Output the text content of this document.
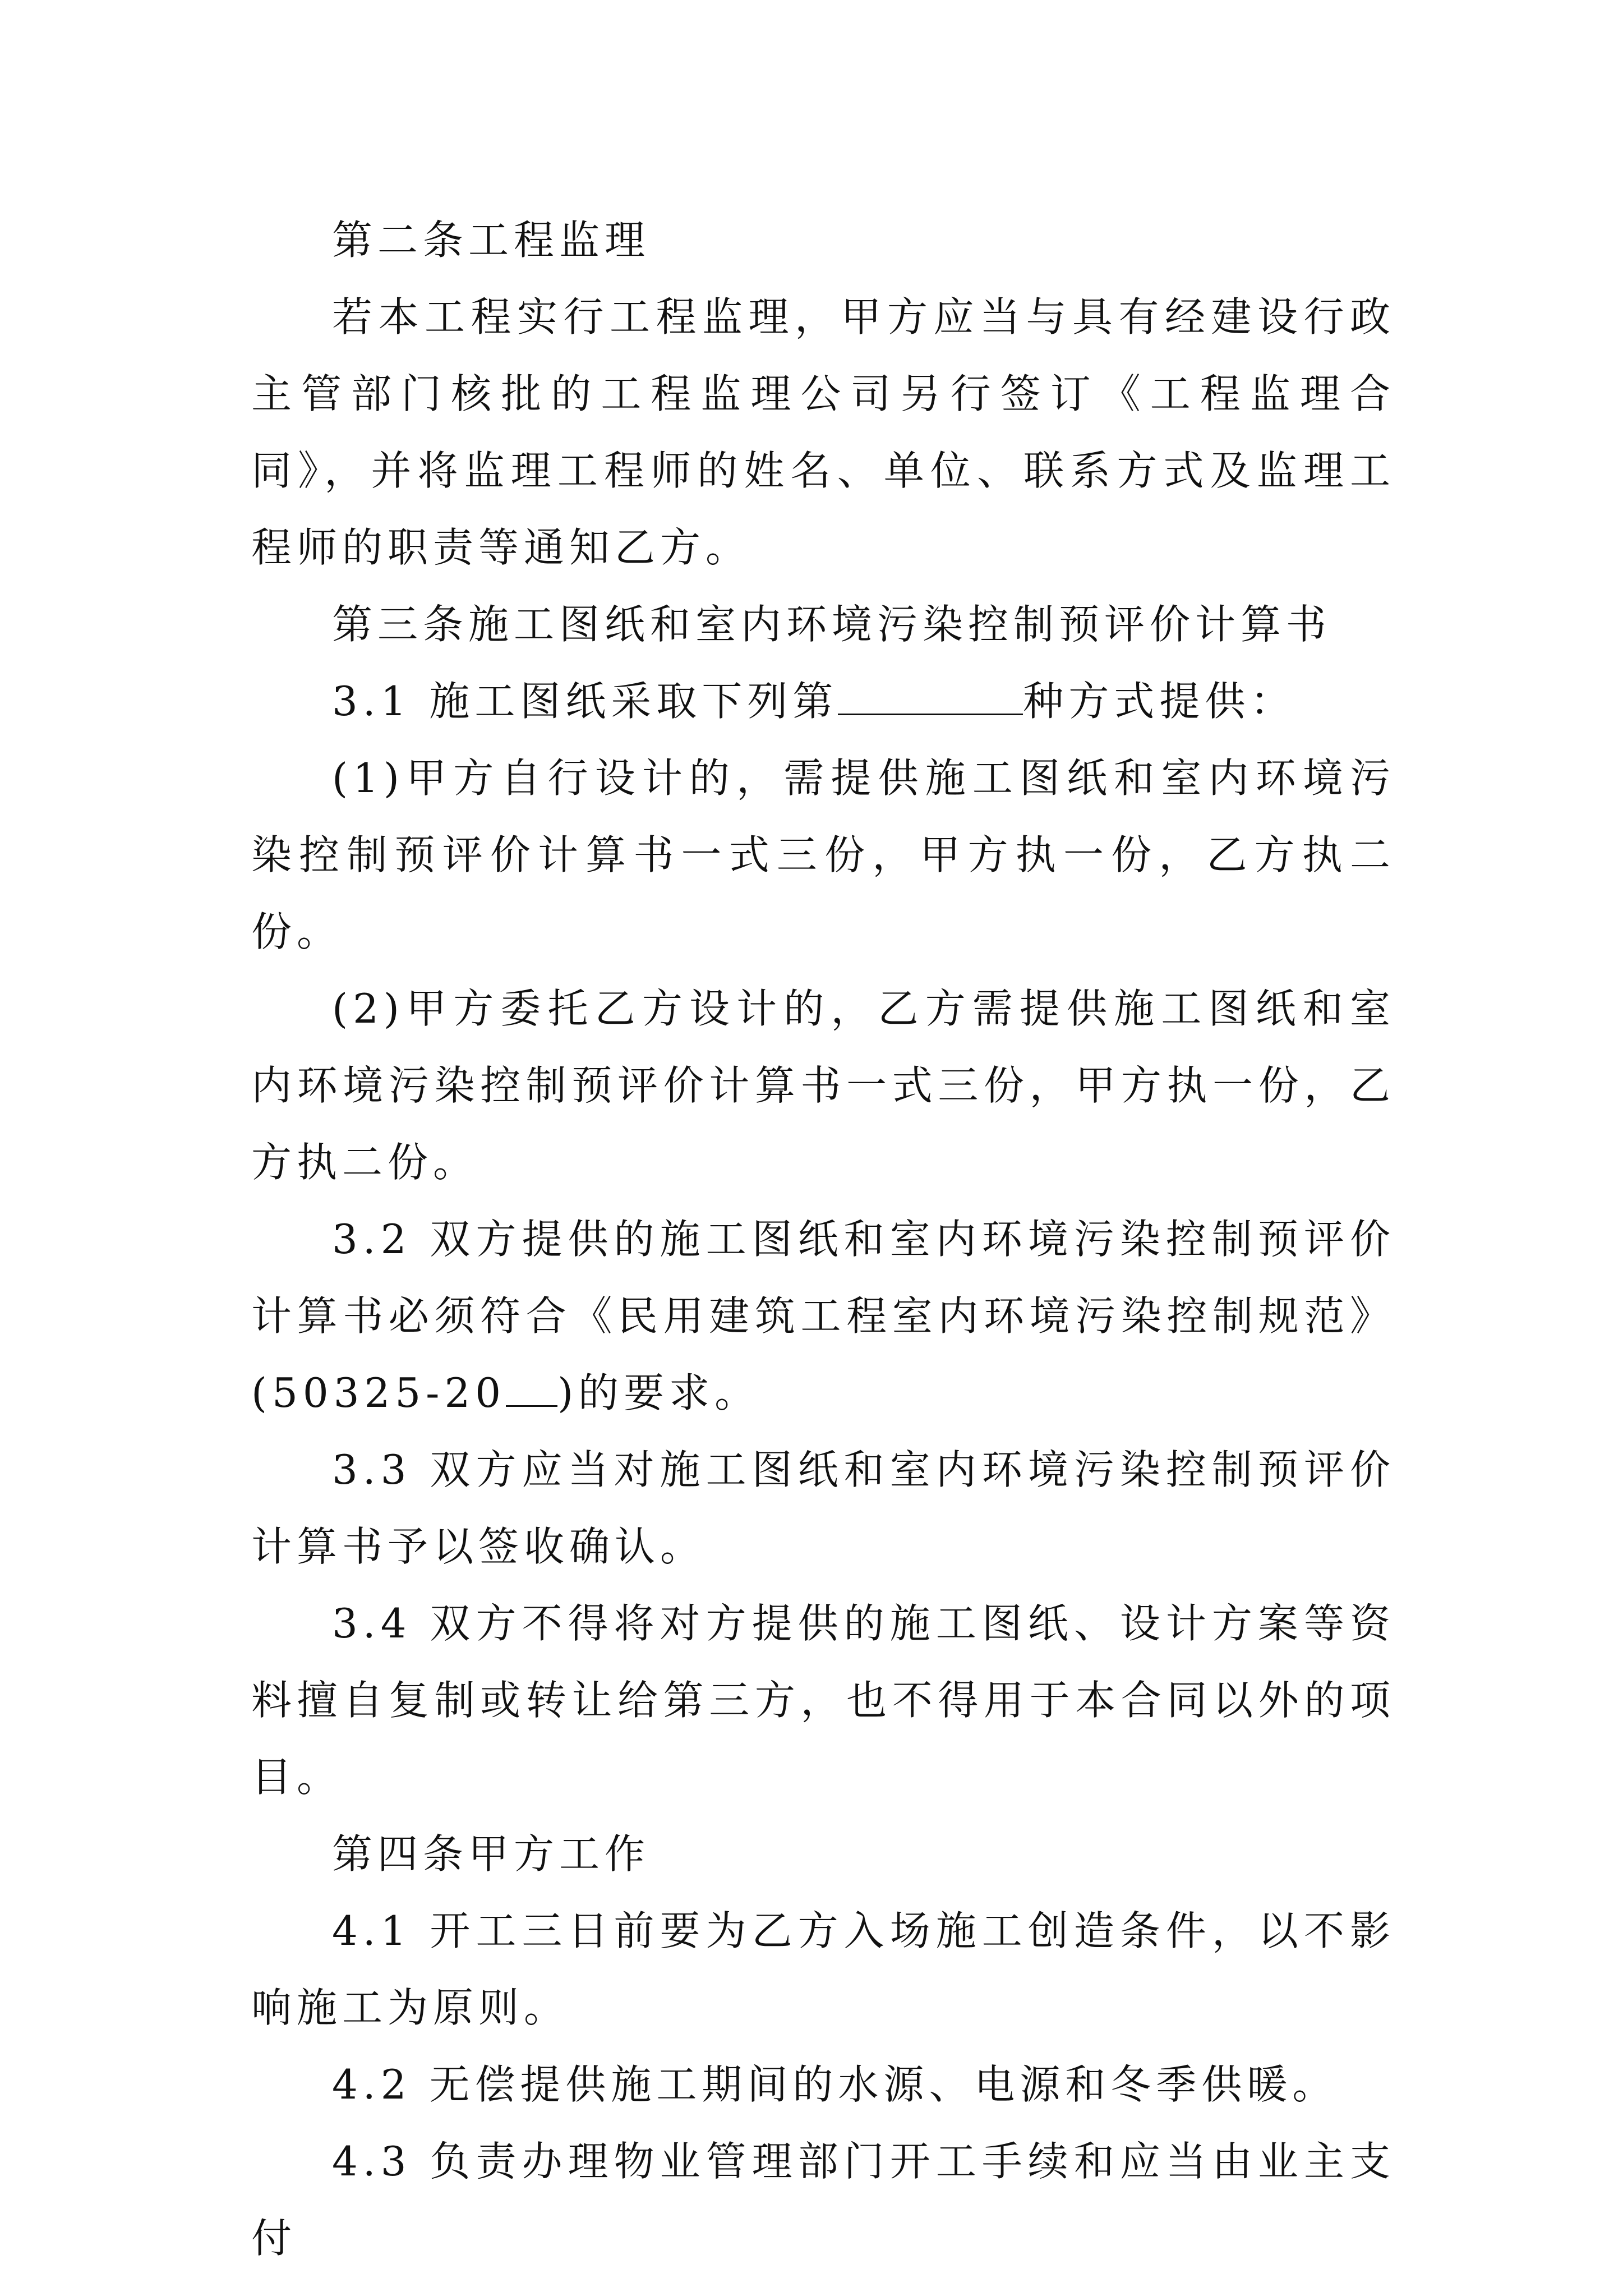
第二条工程监理

若本工程实行工程监理，甲方应当与具有经建设行政主管部门核批的工程监理公司另行签订《工程监理合同》，并将监理工程师的姓名、单位、联系方式及监理工程师的职责等通知乙方。

第三条施工图纸和室内环境污染控制预评价计算书

3.1 施工图纸采取下列第	种方式提供：

(1)甲方自行设计的，需提供施工图纸和室内环境污染控制预评价计算书一式三份，甲方执一份，乙方执二份。

(2)甲方委托乙方设计的，乙方需提供施工图纸和室内环境污染控制预评价计算书一式三份，甲方执一份，乙方执二份。

3.2 双方提供的施工图纸和室内环境污染控制预评价计算书必须符合《民用建筑工程室内环境污染控制规范》(50325-20 )的要求。

3.3 双方应当对施工图纸和室内环境污染控制预评价计算书予以签收确认。

3.4 双方不得将对方提供的施工图纸、设计方案等资料擅自复制或转让给第三方，也不得用于本合同以外的项目。

第四条甲方工作

4.1 开工三日前要为乙方入场施工创造条件，以不影响施工为原则。

4.2 无偿提供施工期间的水源、电源和冬季供暖。

4.3 负责办理物业管理部门开工手续和应当由业主支付
